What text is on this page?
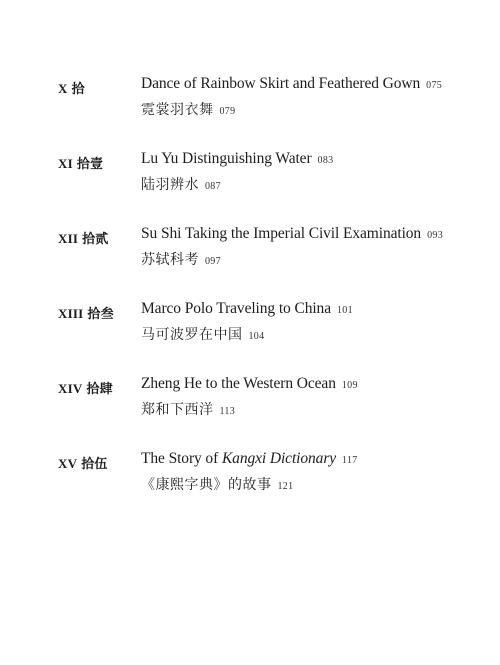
X 拾	Dance of Rainbow Skirt and Feathered Gown 075
霓裳羽衣舞 079
XI 拾壹 Lu Yu Distinguishing Water 083
陆羽辨水 087
XII 拾贰 Su Shi Taking the Imperial Civil Examination 093
苏轼科考 097
XIII 拾叁 Marco Polo Traveling to China 101
马可波罗在中国 104
XIV 拾肆 Zheng He to the Western Ocean 109
郑和下西洋 113
XV 拾伍 The Story of Kangxi Dictionary 117
《康熙字典》的故事 121
